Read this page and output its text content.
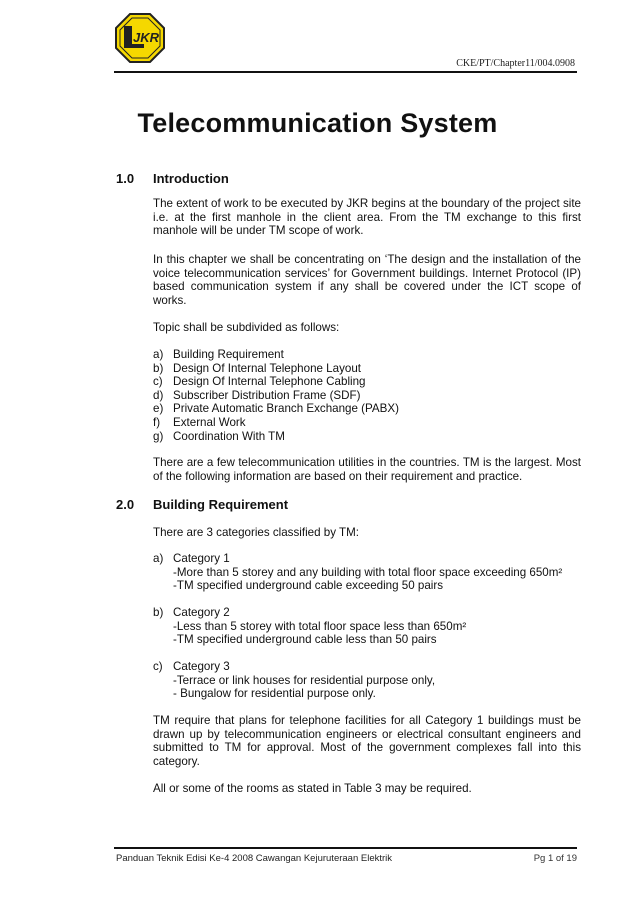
JKR
CKE/PT/Chapter11/004.0908
Telecommunication System
1.0 Introduction
The extent of work to be executed by JKR begins at the boundary of the project site i.e. at the first manhole in the client area. From the TM exchange to this first manhole will be under TM scope of work.
In this chapter we shall be concentrating on ‘The design and the installation of the voice telecommunication services’ for Government buildings. Internet Protocol (IP) based communication system if any shall be covered under the ICT scope of works.
Topic shall be subdivided as follows:
a) Building Requirement
b) Design Of Internal Telephone Layout
c) Design Of Internal Telephone Cabling
d) Subscriber Distribution Frame (SDF)
e) Private Automatic Branch Exchange (PABX)
f) External Work
g) Coordination With TM
There are a few telecommunication utilities in the countries. TM is the largest. Most of the following information are based on their requirement and practice.
2.0 Building Requirement
There are 3 categories classified by TM:
a) Category 1
-More than 5 storey and any building with total floor space exceeding 650m²
-TM specified underground cable exceeding 50 pairs
b) Category 2
-Less than 5 storey with total floor space less than 650m²
-TM specified underground cable less than 50 pairs
c) Category 3
-Terrace or link houses for residential purpose only,
- Bungalow for residential purpose only.
TM require that plans for telephone facilities for all Category 1 buildings must be drawn up by telecommunication engineers or electrical consultant engineers and submitted to TM for approval. Most of the government complexes fall into this category.
All or some of the rooms as stated in Table 3 may be required.
Panduan Teknik Edisi Ke-4 2008 Cawangan Kejuruteraan Elektrik	Pg 1 of 19
